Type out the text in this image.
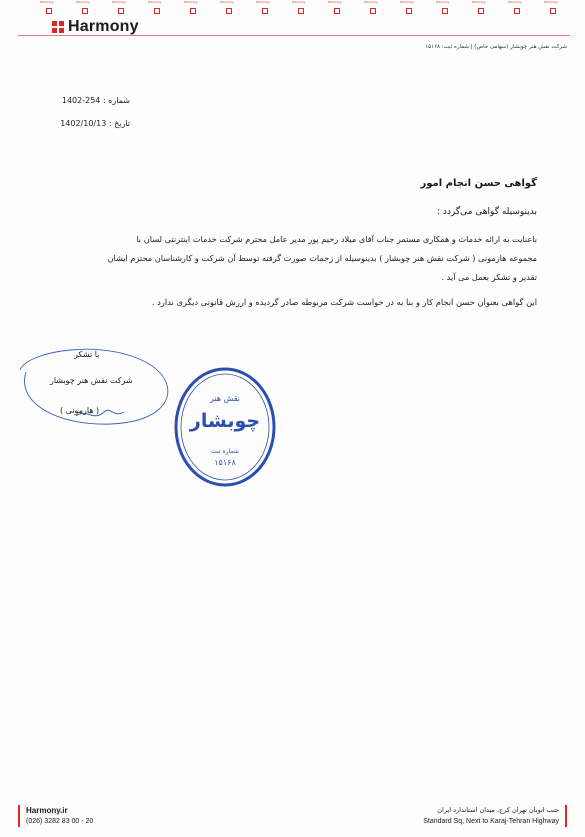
Harmony	Harmony	Harmony	Harmony	Harmony	Harmony	Harmony	Harmony	Harmony	Harmony	Harmony	Harmony	Harmony	Harmony	Harmony
Harmony
شرکت نقش هنر چوبشار (سهامی خاص) | شماره ثبت: ۱۵۱۶۸
شماره : 1402-254
تاریخ : 1402/10/13
گواهی حسن انجام امور
بدینوسیله گواهی می‌گردد :
باعنایت به ارائه خدمات و همکاری مستمر جناب آقای میلاد رحیم پور مدیر عامل محترم شرکت خدمات اینترنتی لسان با
مجموعه هارمونی ( شرکت نقش هنر چوبشار ) بدینوسیله از زحمات صورت گرفته توسط آن شرکت و کارشناسان محترم ایشان
تقدیر و تشکر بعمل می آید .
این گواهی بعنوان حسن انجام کار و بنا به در خواست شرکت مربوطه صادر گردیده و ارزش قانونی دیگری ندارد .
با تشکر
شرکت نقش هنر چوبشار
( هارمونی )
نقش هنر
چوبشار
شماره ثبت
۱۵۱۶۸
Harmony.ir
(026) 3282 83 00 - 20
جنب اتوبان تهران کرج، میدان استاندارد ایران
Standard Sq, Next to Karaj-Tehran Highway
